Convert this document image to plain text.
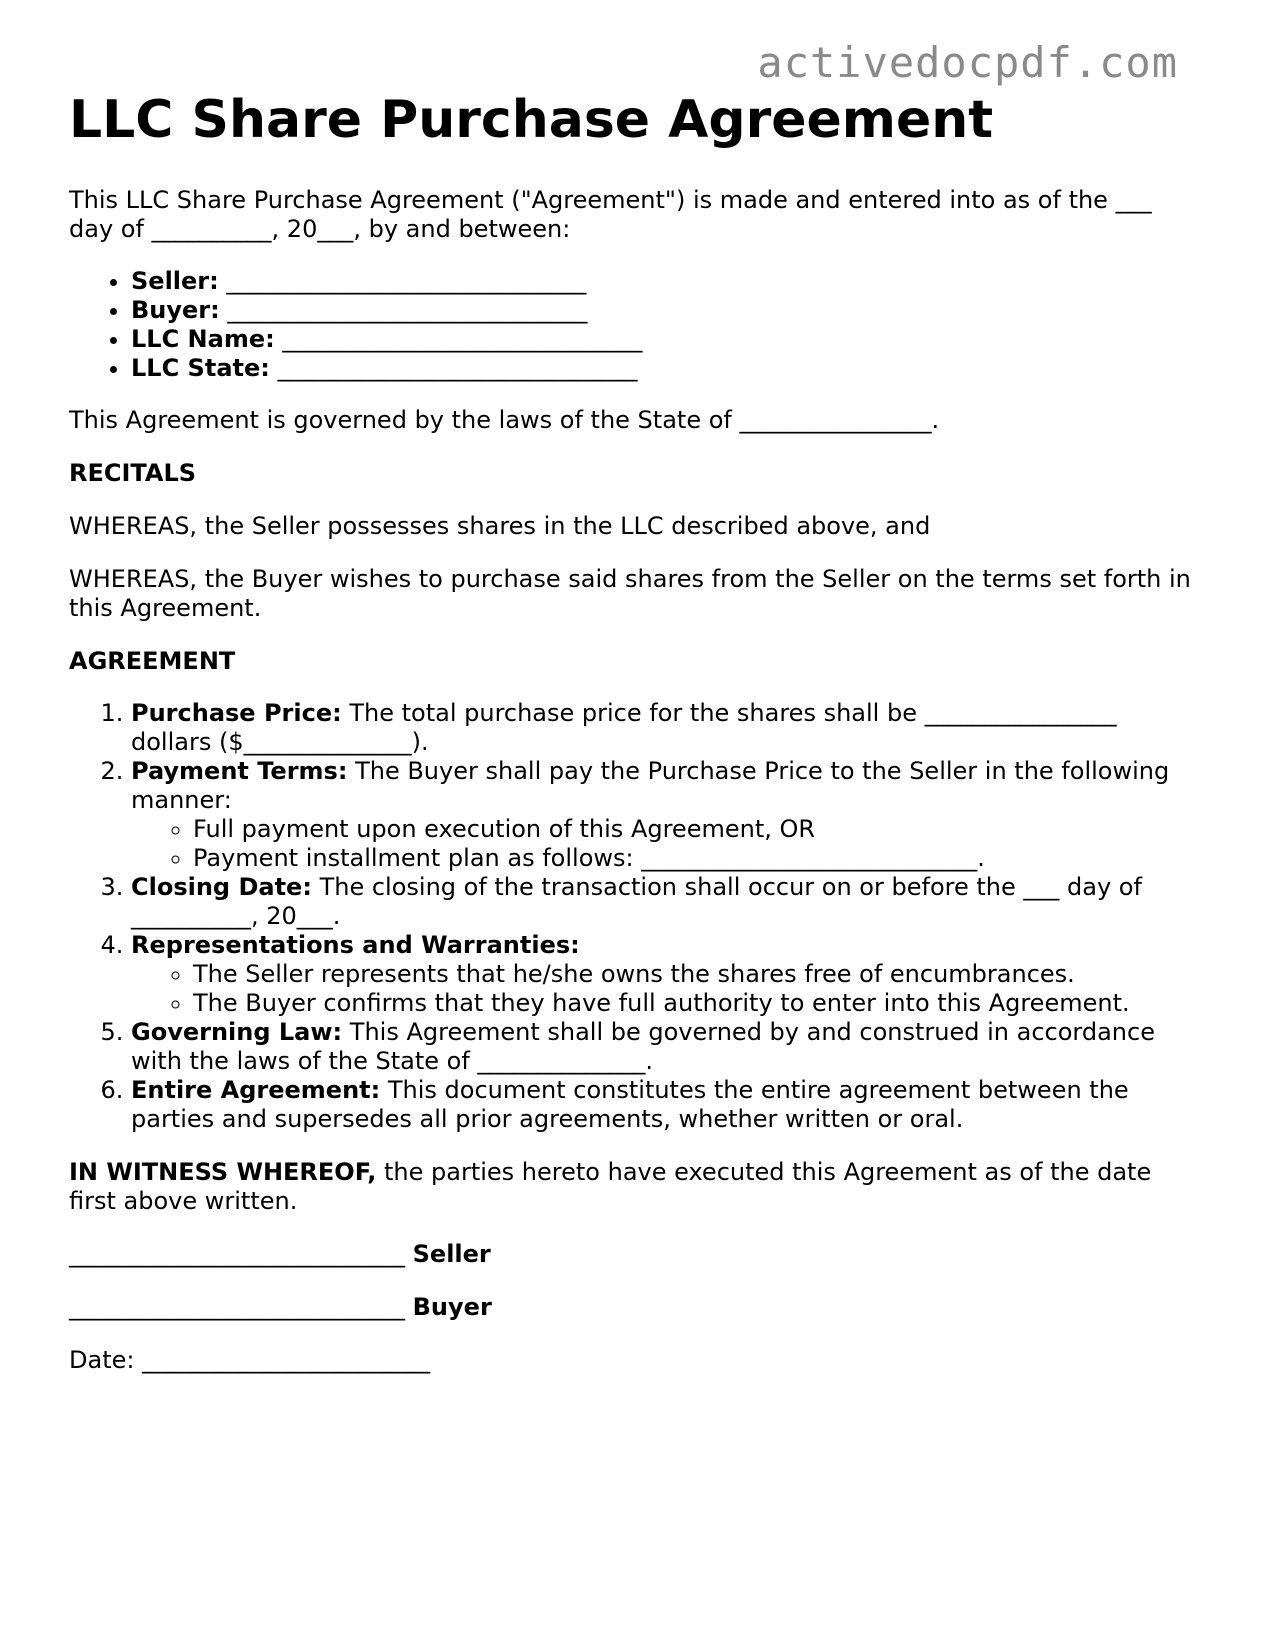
activedocpdf.com
LLC Share Purchase Agreement

This LLC Share Purchase Agreement ("Agreement") is made and entered into as of the ___ day of __________, 20___, by and between:

• Seller: ______________________________
• Buyer: ______________________________
• LLC Name: ______________________________
• LLC State: ______________________________

This Agreement is governed by the laws of the State of ________________.

RECITALS

WHEREAS, the Seller possesses shares in the LLC described above, and

WHEREAS, the Buyer wishes to purchase said shares from the Seller on the terms set forth in this Agreement.

AGREEMENT

1. Purchase Price: The total purchase price for the shares shall be ________________ dollars ($______________).
2. Payment Terms: The Buyer shall pay the Purchase Price to the Seller in the following manner:
◦ Full payment upon execution of this Agreement, OR
◦ Payment installment plan as follows: ____________________________.
3. Closing Date: The closing of the transaction shall occur on or before the ___ day of __________, 20___.
4. Representations and Warranties:
◦ The Seller represents that he/she owns the shares free of encumbrances.
◦ The Buyer confirms that they have full authority to enter into this Agreement.
5. Governing Law: This Agreement shall be governed by and construed in accordance with the laws of the State of ______________.
6. Entire Agreement: This document constitutes the entire agreement between the parties and supersedes all prior agreements, whether written or oral.

IN WITNESS WHEREOF, the parties hereto have executed this Agreement as of the date first above written.

____________________________ Seller

____________________________ Buyer

Date: ________________________
